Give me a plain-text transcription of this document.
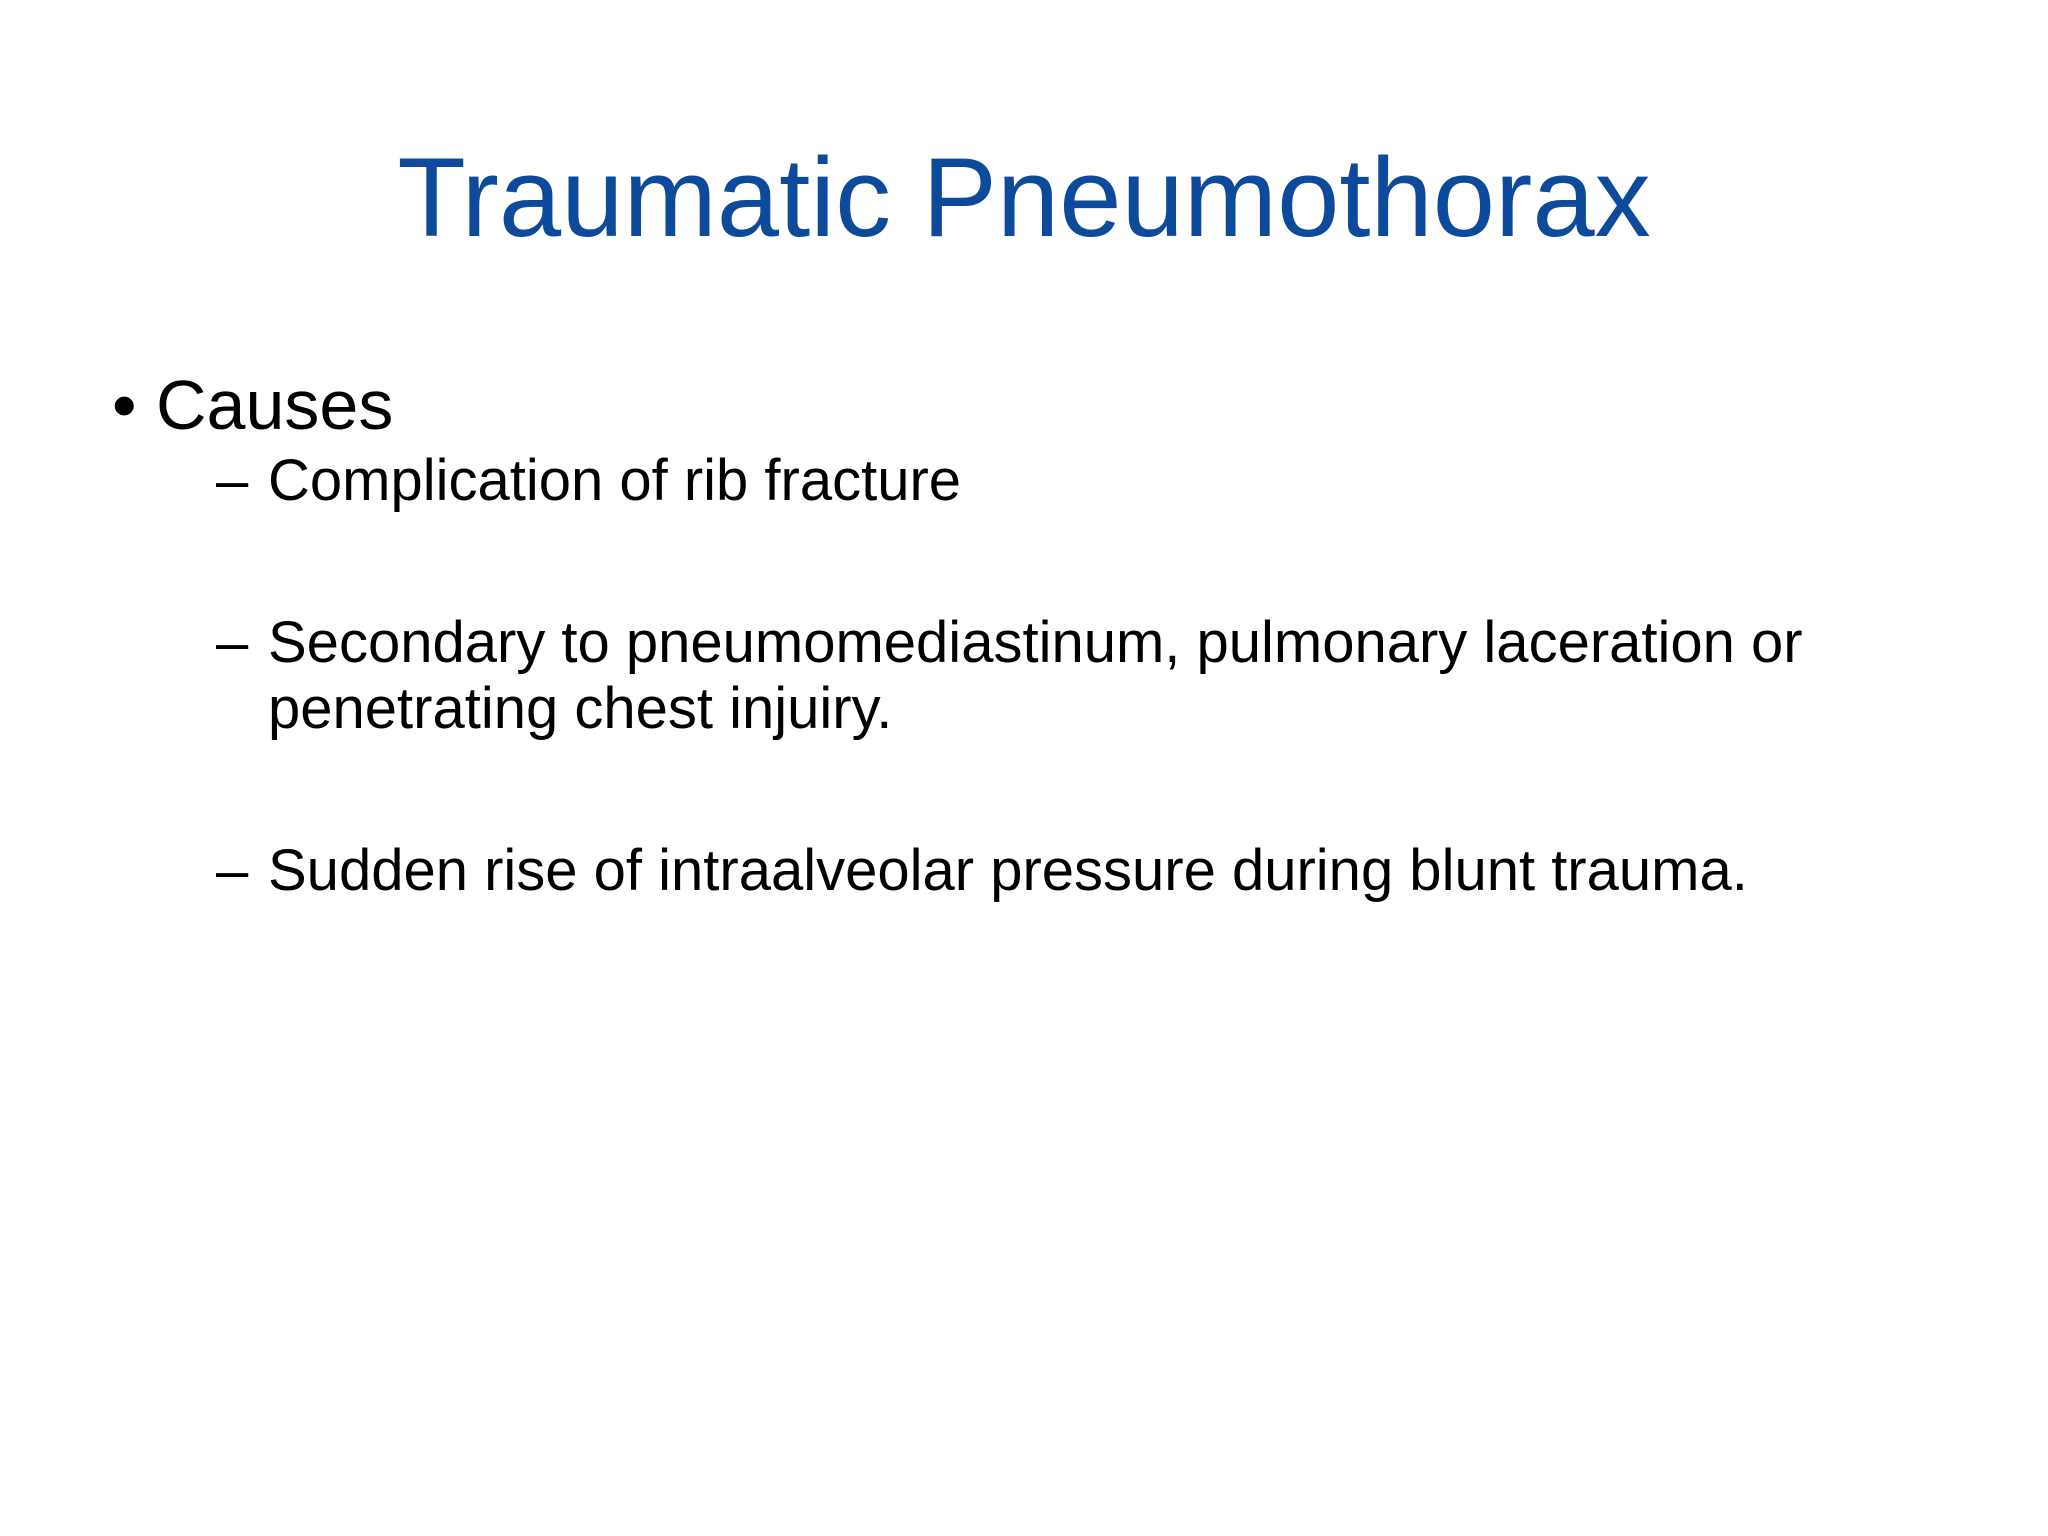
Traumatic Pneumothorax
• Causes
– Complication of rib fracture
– Secondary to pneumomediastinum, pulmonary laceration or penetrating chest injuiry.
– Sudden rise of intraalveolar pressure during blunt trauma.
